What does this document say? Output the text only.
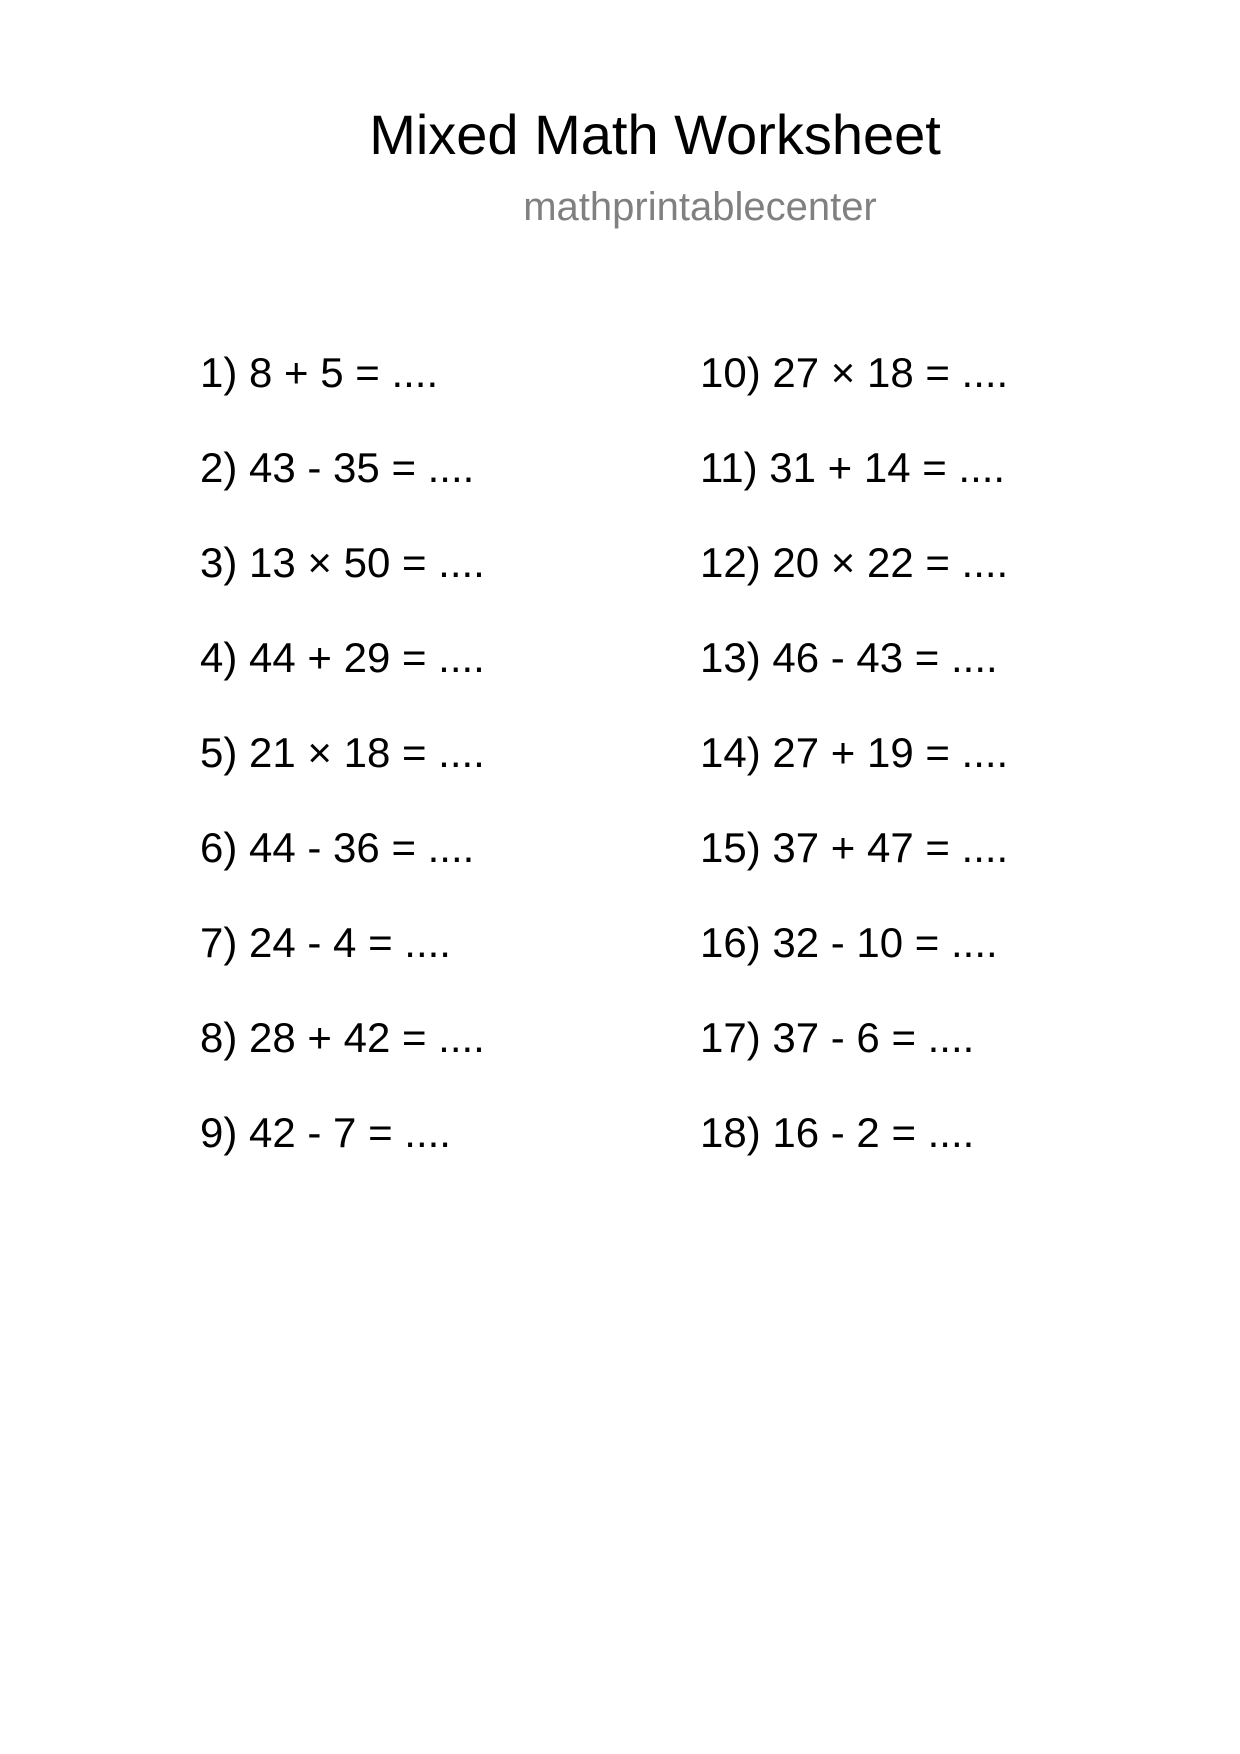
Mixed Math Worksheet
mathprintablecenter
1) 8 + 5 = ....
2) 43 - 35 = ....
3) 13 × 50 = ....
4) 44 + 29 = ....
5) 21 × 18 = ....
6) 44 - 36 = ....
7) 24 - 4 = ....
8) 28 + 42 = ....
9) 42 - 7 = ....
10) 27 × 18 = ....
11) 31 + 14 = ....
12) 20 × 22 = ....
13) 46 - 43 = ....
14) 27 + 19 = ....
15) 37 + 47 = ....
16) 32 - 10 = ....
17) 37 - 6 = ....
18) 16 - 2 = ....
